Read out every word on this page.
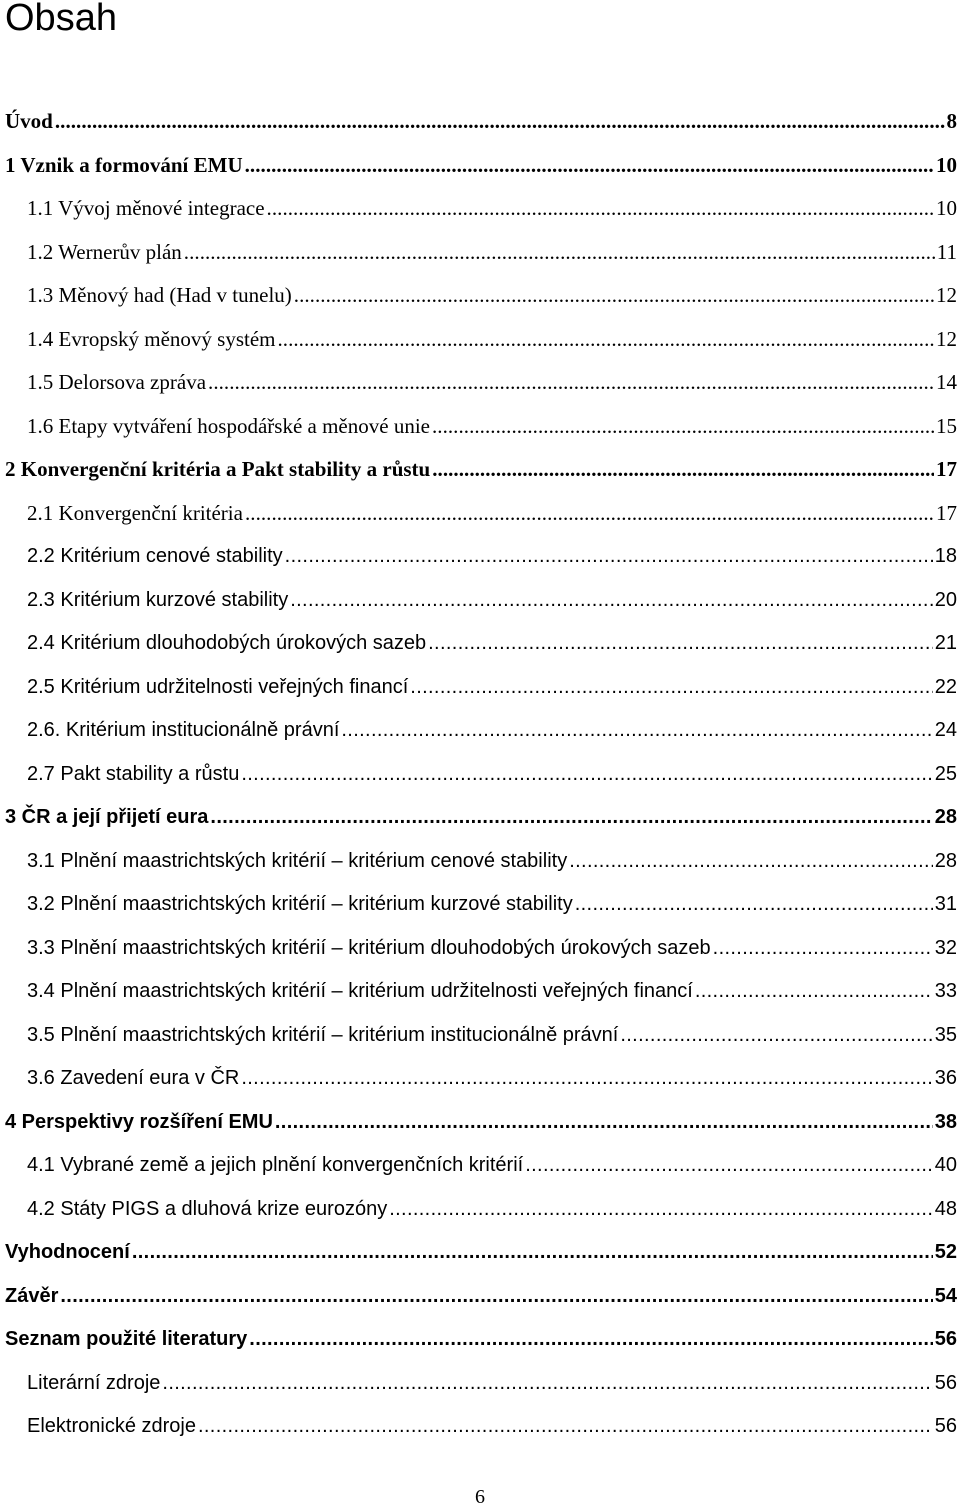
Obsah
Úvod . . .	8
1 Vznik a formování EMU . . .	10
1.1 Vývoj měnové integrace . . .	10
1.2 Wernerův plán . . .	11
1.3 Měnový had (Had v tunelu) . . .	12
1.4 Evropský měnový systém . . .	12
1.5 Delorsova zpráva . . .	14
1.6 Etapy vytváření hospodářské a měnové unie . . .	15
2 Konvergenční kritéria a Pakt stability a růstu . . .	17
2.1 Konvergenční kritéria . . .	17
2.2 Kritérium cenové stability . . .	18
2.3 Kritérium kurzové stability . . .	20
2.4 Kritérium dlouhodobých úrokových sazeb . . .	21
2.5 Kritérium udržitelnosti veřejných financí . . .	22
2.6. Kritérium institucionálně právní . . .	24
2.7 Pakt stability a růstu . . .	25
3 ČR a její přijetí eura . . .	28
3.1 Plnění maastrichtských kritérií – kritérium cenové stability . . .	28
3.2 Plnění maastrichtských kritérií – kritérium kurzové stability . . .	31
3.3 Plnění maastrichtských kritérií – kritérium dlouhodobých úrokových sazeb . . .	32
3.4 Plnění maastrichtských kritérií – kritérium udržitelnosti veřejných financí . . .	33
3.5 Plnění maastrichtských kritérií – kritérium institucionálně právní . . .	35
3.6 Zavedení eura v ČR . . .	36
4 Perspektivy rozšíření EMU . . .	38
4.1 Vybrané země a jejich plnění konvergenčních kritérií . . .	40
4.2 Státy PIGS a dluhová krize eurozóny . . .	48
Vyhodnocení . . .	52
Závěr . . .	54
Seznam použité literatury . . .	56
Literární zdroje . . .	56
Elektronické zdroje . . .	56
6
